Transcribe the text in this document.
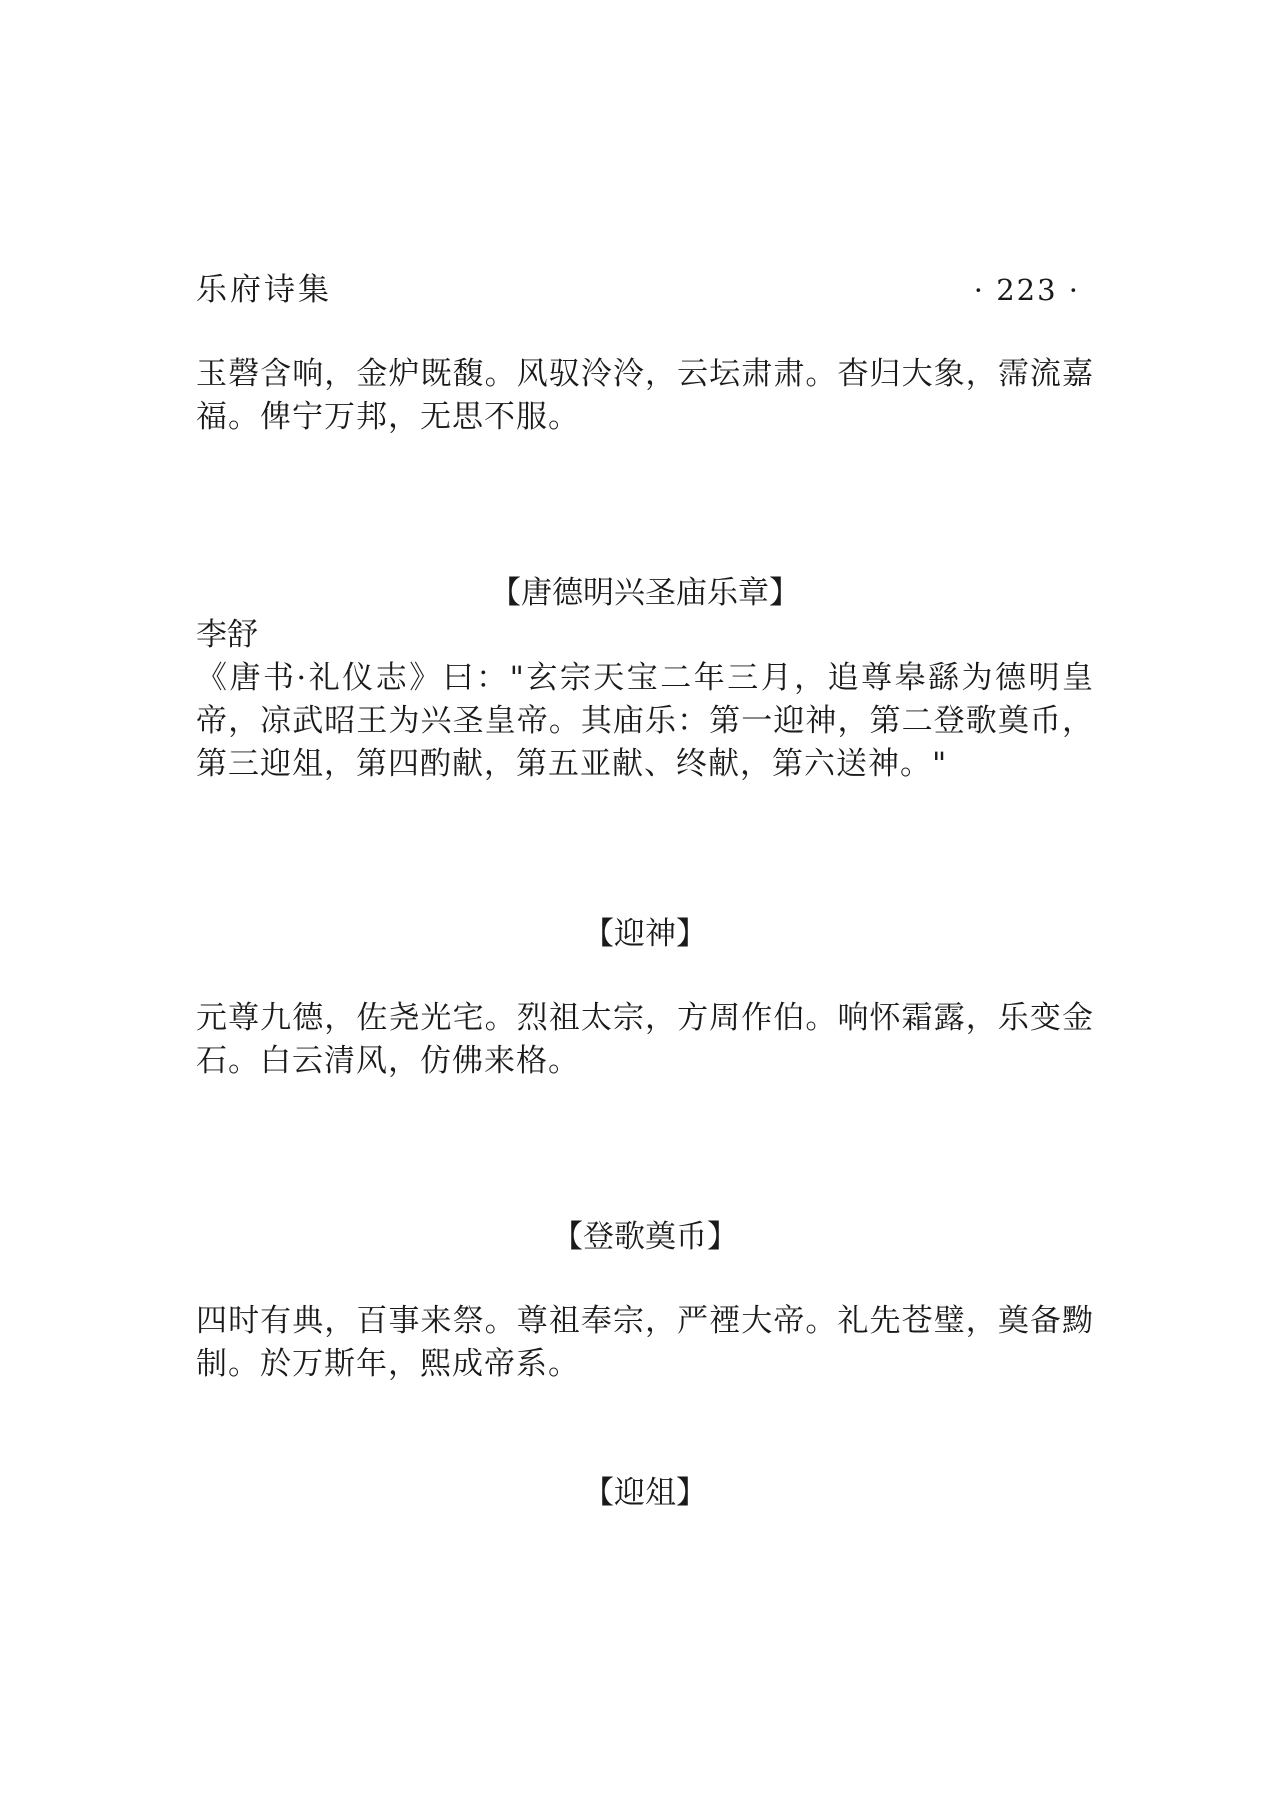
乐府诗集	· 223 ·
玉磬含响，金炉既馥。风驭泠泠，云坛肃肃。杳归大象，霈流嘉福。俾宁万邦，无思不服。
【唐德明兴圣庙乐章】
李舒
《唐书·礼仪志》曰："玄宗天宝二年三月，追尊皋繇为德明皇帝，凉武昭王为兴圣皇帝。其庙乐：第一迎神，第二登歌奠币，第三迎俎，第四酌献，第五亚献、终献，第六送神。"
【迎神】
元尊九德，佐尧光宅。烈祖太宗，方周作伯。响怀霜露，乐变金石。白云清风，仿佛来格。
【登歌奠币】
四时有典，百事来祭。尊祖奉宗，严禋大帝。礼先苍璧，奠备黝制。於万斯年，熙成帝系。
【迎俎】
